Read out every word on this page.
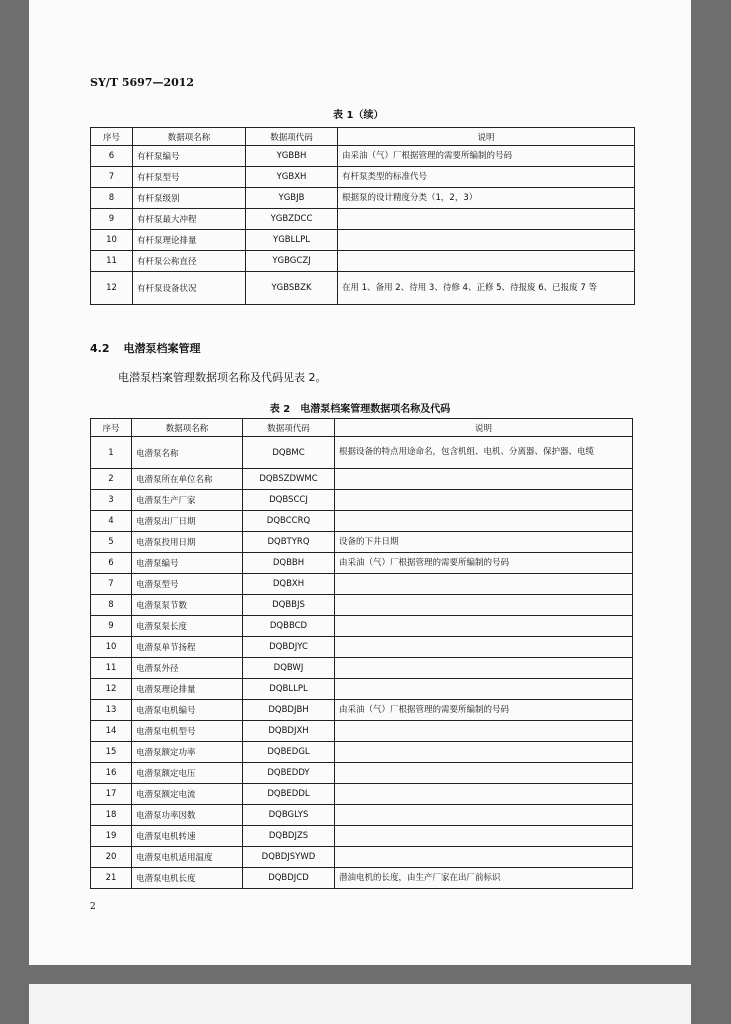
SY/T 5697—2012
表 1（续）
序号	数据项名称	数据项代码	说明
6	有杆泵编号	YGBBH	由采油（气）厂根据管理的需要所编制的号码
7	有杆泵型号	YGBXH	有杆泵类型的标准代号
8	有杆泵级别	YGBJB	根据泵的设计精度分类（1，2，3）
9	有杆泵最大冲程	YGBZDCC	
10	有杆泵理论排量	YGBLLPL	
11	有杆泵公称直径	YGBGCZJ	
12	有杆泵设备状况	YGBSBZK	在用 1、备用 2、待用 3、待修 4、正修 5、待报废 6、已报废 7 等
4.2 电潜泵档案管理
电潜泵档案管理数据项名称及代码见表 2。
表 2　电潜泵档案管理数据项名称及代码
序号	数据项名称	数据项代码	说明
1	电潜泵名称	DQBMC	根据设备的特点用途命名，包含机组、电机、分离器、保护器、电缆
2	电潜泵所在单位名称	DQBSZDWMC	
3	电潜泵生产厂家	DQBSCCJ	
4	电潜泵出厂日期	DQBCCRQ	
5	电潜泵投用日期	DQBTYRQ	设备的下井日期
6	电潜泵编号	DQBBH	由采油（气）厂根据管理的需要所编制的号码
7	电潜泵型号	DQBXH	
8	电潜泵泵节数	DQBBJS	
9	电潜泵泵长度	DQBBCD	
10	电潜泵单节扬程	DQBDJYC	
11	电潜泵外径	DQBWJ	
12	电潜泵理论排量	DQBLLPL	
13	电潜泵电机编号	DQBDJBH	由采油（气）厂根据管理的需要所编制的号码
14	电潜泵电机型号	DQBDJXH	
15	电潜泵额定功率	DQBEDGL	
16	电潜泵额定电压	DQBEDDY	
17	电潜泵额定电流	DQBEDDL	
18	电潜泵功率因数	DQBGLYS	
19	电潜泵电机转速	DQBDJZS	
20	电潜泵电机适用温度	DQBDJSYWD	
21	电潜泵电机长度	DQBDJCD	潜油电机的长度，由生产厂家在出厂前标识
2
